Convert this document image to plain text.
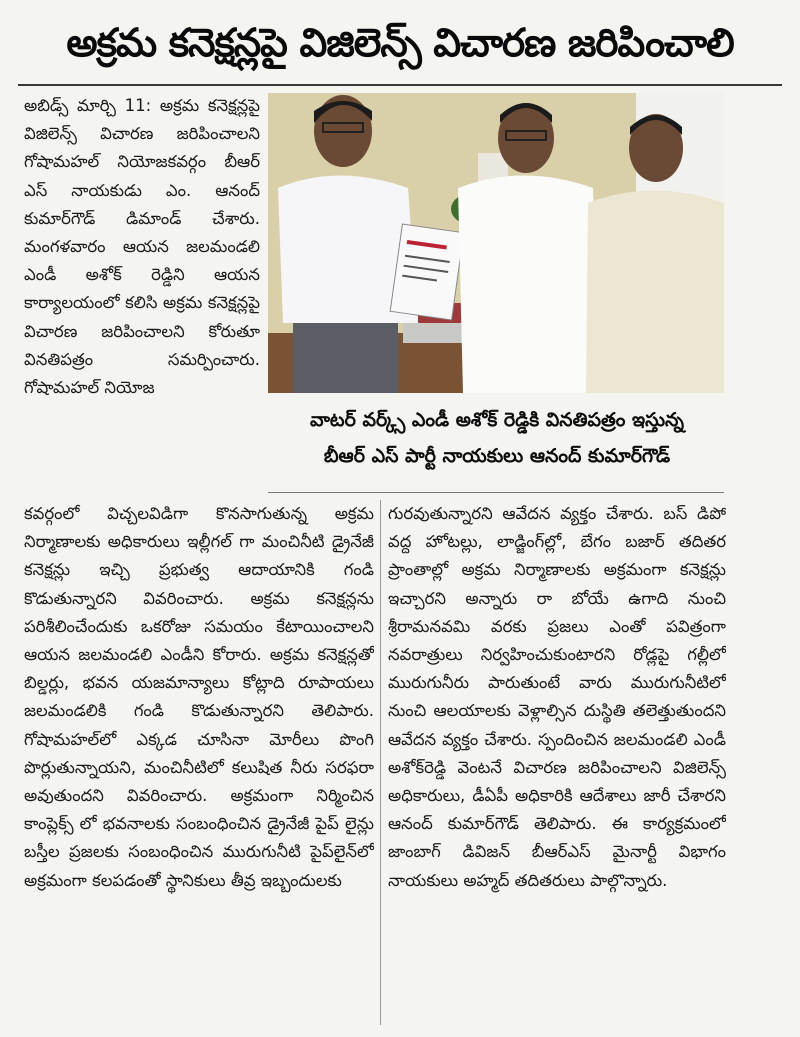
అక్రమ కనెక్షన్లపై విజిలెన్స్ విచారణ జరిపించాలి
అబిడ్స్ మార్చి 11: అక్రమ కనెక్షన్లపై విజిలెన్స్ విచారణ జరిపించాలని గోషామహల్ నియోజకవర్గం బీఆర్ ఎస్ నాయకుడు ఎం. ఆనంద్ కుమార్‌గౌడ్ డిమాండ్ చేశారు. మంగళవారం ఆయన జలమండలి ఎండీ అశోక్ రెడ్డిని ఆయన కార్యాలయంలో కలిసి అక్రమ కనెక్షన్లపై విచారణ జరిపించాలని కోరుతూ వినతిపత్రం సమర్పించారు. గోషామహల్ నియోజ
వాటర్ వర్క్స్ ఎండీ అశోక్ రెడ్డికి వినతిపత్రం ఇస్తున్న
బీఆర్ ఎస్ పార్టీ నాయకులు ఆనంద్ కుమార్‌గౌడ్
కవర్గంలో విచ్చలవిడిగా కొనసాగుతున్న అక్రమ నిర్మాణాలకు అధికారులు ఇల్లీగల్ గా మంచినీటి డ్రైనేజీ కనెక్షన్లు ఇచ్చి ప్రభుత్వ ఆదాయానికి గండి కొడుతున్నారని వివరించారు. అక్రమ కనెక్షన్లను పరిశీలించేందుకు ఒకరోజు సమయం కేటాయించాలని ఆయన జలమండలి ఎండీని కోరారు. అక్రమ కనెక్షన్లతో బిల్డర్లు, భవన యజమాన్యాలు కోట్లాది రూపాయలు జలమండలికి గండి కొడుతున్నారని తెలిపారు. గోషామహల్‌లో ఎక్కడ చూసినా మోరీలు పొంగి పొర్లుతున్నాయని, మంచినీటిలో కలుషిత నీరు సరఫరా అవుతుందని వివరించారు. అక్రమంగా నిర్మించిన కాంప్లెక్స్ లో భవనాలకు సంబంధించిన డ్రైనేజీ పైప్ లైన్లు బస్తీల ప్రజలకు సంబంధించిన మురుగునీటి పైప్‌లైన్‌లో అక్రమంగా కలపడంతో స్థానికులు తీవ్ర ఇబ్బందులకు
గురవుతున్నారని ఆవేదన వ్యక్తం చేశారు. బస్ డిపో వద్ద హోటల్లు, లాడ్జింగ్‌ల్లో, బేగం బజార్ తదితర ప్రాంతాల్లో అక్రమ నిర్మాణాలకు అక్రమంగా కనెక్షన్లు ఇచ్చారని అన్నారు రా బోయే ఉగాది నుంచి శ్రీరామనవమి వరకు ప్రజలు ఎంతో పవిత్రంగా నవరాత్రులు నిర్వహించుకుంటారని రోడ్లపై గల్లీలో మురుగునీరు పారుతుంటే వారు మురుగునీటిలో నుంచి ఆలయాలకు వెళ్లాల్సిన దుస్థితి తలెత్తుతుందని ఆవేదన వ్యక్తం చేశారు. స్పందించిన జలమండలి ఎండీ అశోక్‌రెడ్డి వెంటనే విచారణ జరిపించాలని విజిలెన్స్ అధికారులు, డీఏపీ అధికారికి ఆదేశాలు జారీ చేశారని ఆనంద్ కుమార్‌గౌడ్ తెలిపారు. ఈ కార్యక్రమంలో జాంబాగ్ డివిజన్ బీఆర్ఎస్ మైనార్టీ విభాగం నాయకులు అహ్మద్ తదితరులు పాల్గొన్నారు.
